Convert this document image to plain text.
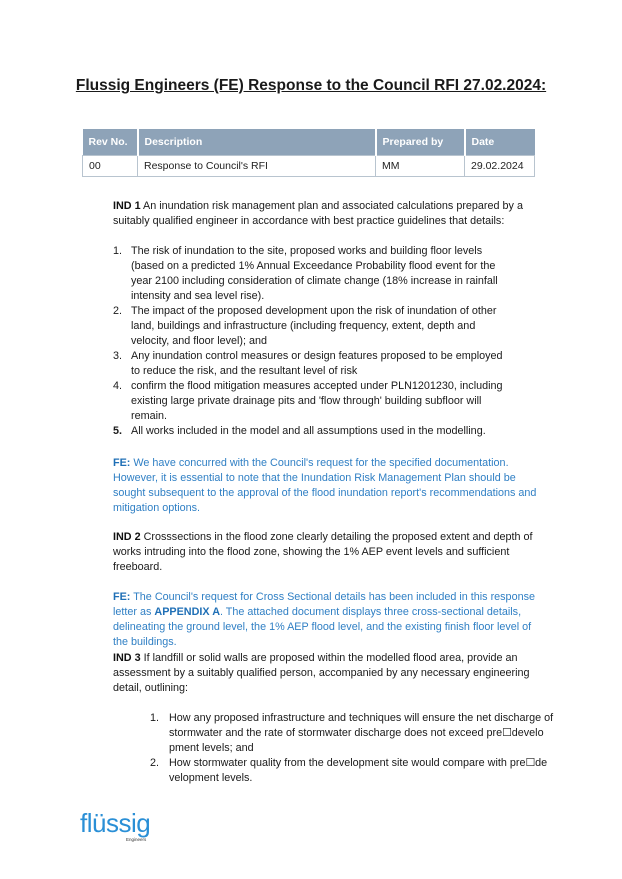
Flussig Engineers (FE) Response to the Council RFI 27.02.2024:
Rev No.	Description	Prepared by	Date
00	Response to Council's RFI	MM	29.02.2024
IND 1 An inundation risk management plan and associated calculations prepared by a suitably qualified engineer in accordance with best practice guidelines that details:
1. The risk of inundation to the site, proposed works and building floor levels (based on a predicted 1% Annual Exceedance Probability flood event for the year 2100 including consideration of climate change (18% increase in rainfall intensity and sea level rise).
2. The impact of the proposed development upon the risk of inundation of other land, buildings and infrastructure (including frequency, extent, depth and velocity, and floor level); and
3. Any inundation control measures or design features proposed to be employed to reduce the risk, and the resultant level of risk
4. confirm the flood mitigation measures accepted under PLN1201230, including existing large private drainage pits and 'flow through' building subfloor will remain.
5. All works included in the model and all assumptions used in the modelling.
FE: We have concurred with the Council's request for the specified documentation. However, it is essential to note that the Inundation Risk Management Plan should be sought subsequent to the approval of the flood inundation report's recommendations and mitigation options.
IND 2 Crosssections in the flood zone clearly detailing the proposed extent and depth of works intruding into the flood zone, showing the 1% AEP event levels and sufficient freeboard.
FE: The Council's request for Cross Sectional details has been included in this response letter as APPENDIX A. The attached document displays three cross-sectional details, delineating the ground level, the 1% AEP flood level, and the existing finish floor level of the buildings.
IND 3 If landfill or solid walls are proposed within the modelled flood area, provide an assessment by a suitably qualified person, accompanied by any necessary engineering detail, outlining:
1. How any proposed infrastructure and techniques will ensure the net discharge of stormwater and the rate of stormwater discharge does not exceed pre☐develo pment levels; and
2. How stormwater quality from the development site would compare with pre☐de velopment levels.
flüssig
Engineers
